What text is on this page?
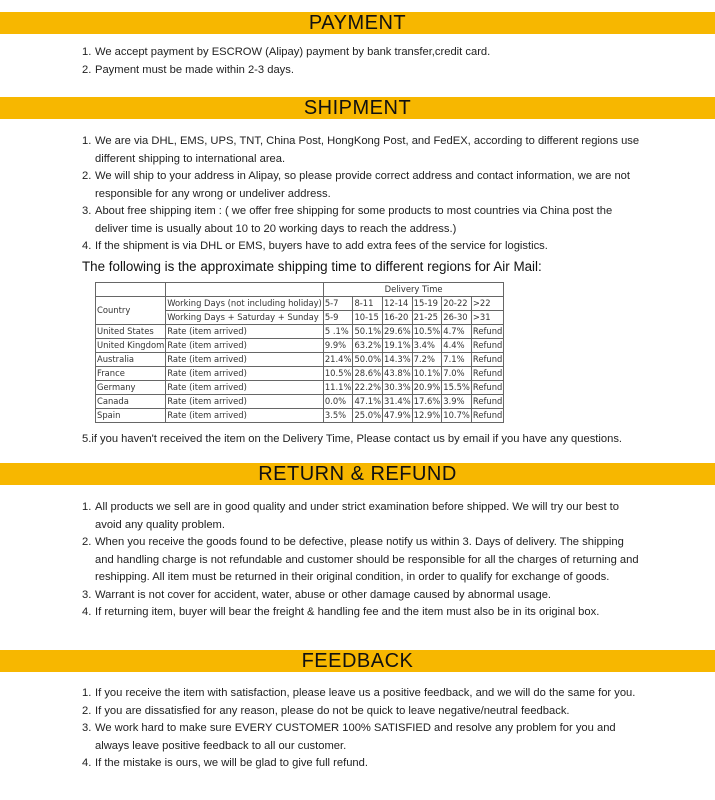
PAYMENT
1. We accept payment by ESCROW (Alipay) payment by bank transfer,credit card.
2. Payment must be made within 2-3 days.
SHIPMENT
1. We are via DHL, EMS, UPS, TNT, China Post, HongKong Post, and FedEX, according to different regions use different shipping to international area.
2. We will ship to your address in Alipay, so please provide correct address and contact information, we are not responsible for any wrong or undeliver address.
3. About free shipping item : ( we offer free shipping for some products to most countries via China post the deliver time is usually about 10 to 20 working days to reach the address.)
4. If the shipment is via DHL or EMS, buyers have to add extra fees of the service for logistics.
The following is the approximate shipping time to different regions for Air Mail:
		Delivery Time					
Country	Working Days (not including holiday)	5-7	8-11	12-14	15-19	20-22	>22
	Working Days + Saturday + Sunday	5-9	10-15	16-20	21-25	26-30	>31
United States	Rate (item arrived)	5 .1%	50.1%	29.6%	10.5%	4.7%	Refund
United Kingdom	Rate (item arrived)	9.9%	63.2%	19.1%	3.4%	4.4%	Refund
Australia	Rate (item arrived)	21.4%	50.0%	14.3%	7.2%	7.1%	Refund
France	Rate (item arrived)	10.5%	28.6%	43.8%	10.1%	7.0%	Refund
Germany	Rate (item arrived)	11.1%	22.2%	30.3%	20.9%	15.5%	Refund
Canada	Rate (item arrived)	0.0%	47.1%	31.4%	17.6%	3.9%	Refund
Spain	Rate (item arrived)	3.5%	25.0%	47.9%	12.9%	10.7%	Refund
5.if you haven't received the item on the Delivery Time, Please contact us by email if you have any questions.
RETURN & REFUND
1. All products we sell are in good quality and under strict examination before shipped. We will try our best to avoid any quality problem.
2. When you receive the goods found to be defective, please notify us within 3. Days of delivery. The shipping and handling charge is not refundable and customer should be responsible for all the charges of returning and reshipping. All item must be returned in their original condition, in order to qualify for exchange of goods.
3. Warrant is not cover for accident, water, abuse or other damage caused by abnormal usage.
4. If returning item, buyer will bear the freight & handling fee and the item must also be in its original box.
FEEDBACK
1. If you receive the item with satisfaction, please leave us a positive feedback, and we will do the same for you.
2. If you are dissatisfied for any reason, please do not be quick to leave negative/neutral feedback.
3. We work hard to make sure EVERY CUSTOMER 100% SATISFIED and resolve any problem for you and always leave positive feedback to all our customer.
4. If the mistake is ours, we will be glad to give full refund.
